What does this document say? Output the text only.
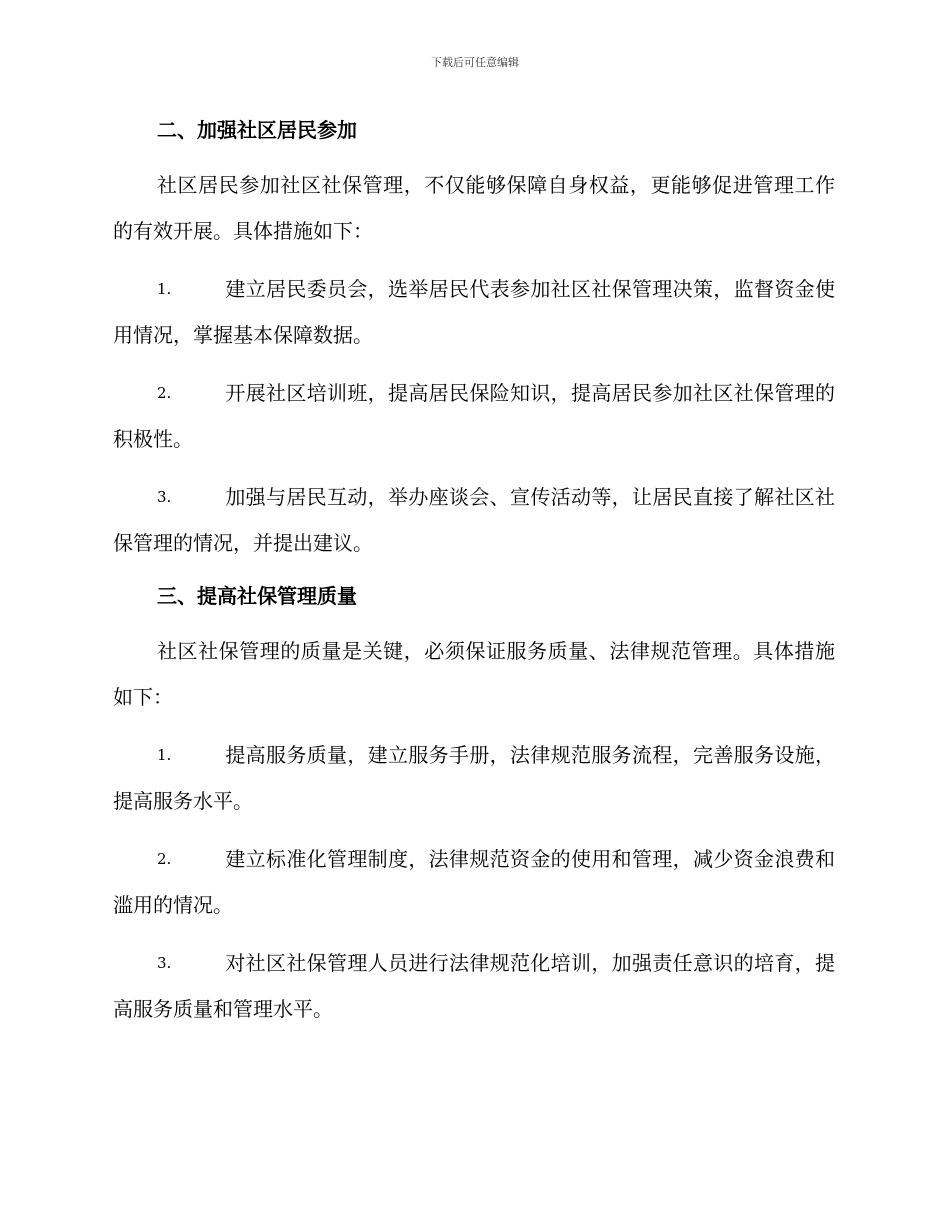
下载后可任意编辑
二、加强社区居民参加
社区居民参加社区社保管理，不仅能够保障自身权益，更能够促进管理工作的有效开展。具体措施如下：
1.	建立居民委员会，选举居民代表参加社区社保管理决策，监督资金使用情况，掌握基本保障数据。
2.	开展社区培训班，提高居民保险知识，提高居民参加社区社保管理的积极性。
3.	加强与居民互动，举办座谈会、宣传活动等，让居民直接了解社区社保管理的情况，并提出建议。
三、提高社保管理质量
社区社保管理的质量是关键，必须保证服务质量、法律规范管理。具体措施如下：
1.	提高服务质量，建立服务手册，法律规范服务流程，完善服务设施，提高服务水平。
2.	建立标准化管理制度，法律规范资金的使用和管理，减少资金浪费和滥用的情况。
3.	对社区社保管理人员进行法律规范化培训，加强责任意识的培育，提高服务质量和管理水平。
